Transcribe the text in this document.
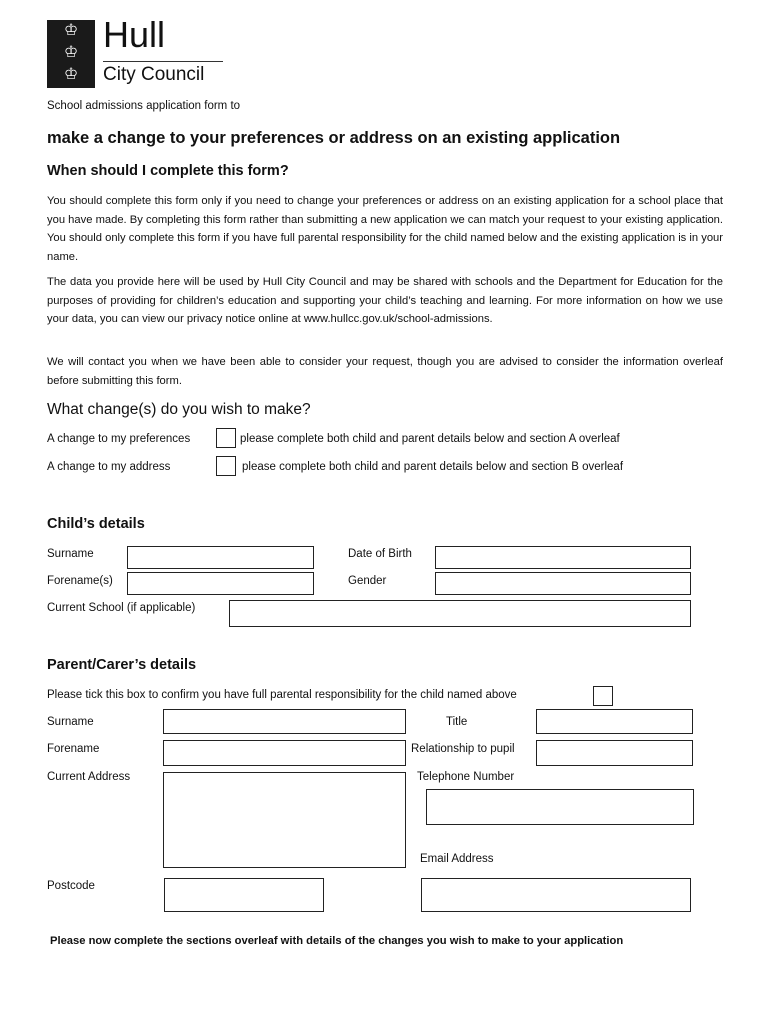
♔
♔
♔
Hull
City Council
School admissions application form to
make a change to your preferences or address on an existing application
When should I complete this form?
You should complete this form only if you need to change your preferences or address on an existing application for a school place that you have made. By completing this form rather than submitting a new application we can match your request to your existing application. You should only complete this form if you have full parental responsibility for the child named below and the existing application is in your name.
The data you provide here will be used by Hull City Council and may be shared with schools and the Department for Education for the purposes of providing for children’s education and supporting your child’s teaching and learning. For more information on how we use your data, you can view our privacy notice online at www.hullcc.gov.uk/school-admissions.
We will contact you when we have been able to consider your request, though you are advised to consider the information overleaf before submitting this form.
What change(s) do you wish to make?
A change to my preferences	please complete both child and parent details below and section A overleaf
A change to my address	please complete both child and parent details below and section B overleaf
Child’s details
Surname	Date of Birth
Forename(s)	Gender
Current School (if applicable)
Parent/Carer’s details
Please tick this box to confirm you have full parental responsibility for the child named above
Surname	Title
Forename	Relationship to pupil
Current Address	Telephone Number
Email Address
Postcode
Please now complete the sections overleaf with details of the changes you wish to make to your application
